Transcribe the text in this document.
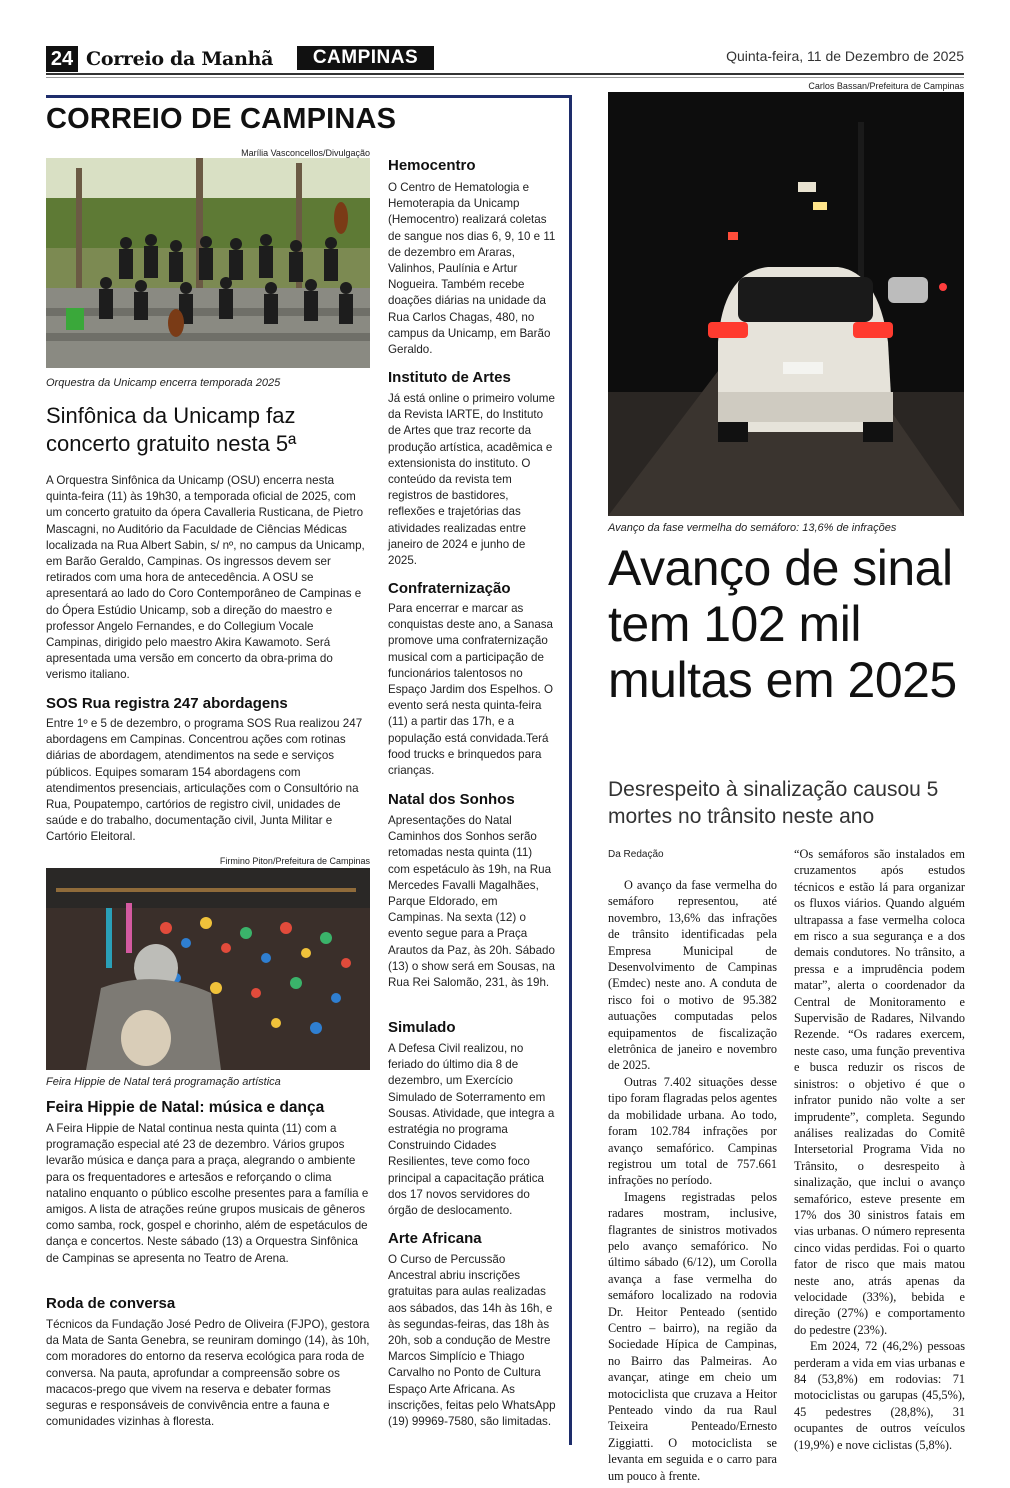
24 Correio da Manhã	CAMPINAS	Quinta-feira, 11 de Dezembro de 2025
CORREIO DE CAMPINAS
Marília Vasconcellos/Divulgação
Orquestra da Unicamp encerra temporada 2025
Sinfônica da Unicamp faz concerto gratuito nesta 5ª

A Orquestra Sinfônica da Unicamp (OSU) encerra nesta quinta-feira (11) às 19h30, a temporada oficial de 2025, com um concerto gratuito da ópera Cavalleria Rusticana, de Pietro Mascagni, no Auditório da Faculdade de Ciências Médicas localizada na Rua Albert Sabin, s/ nº, no campus da Unicamp, em Barão Geraldo, Campinas. Os ingressos devem ser retirados com uma hora de antecedência. A OSU se apresentará ao lado do Coro Contemporâneo de Campinas e do Ópera Estúdio Unicamp, sob a direção do maestro e professor Angelo Fernandes, e do Collegium Vocale Campinas, dirigido pelo maestro Akira Kawamoto. Será apresentada uma versão em concerto da obra-prima do verismo italiano.

SOS Rua registra 247 abordagens

Entre 1º e 5 de dezembro, o programa SOS Rua realizou 247 abordagens em Campinas. Concentrou ações com rotinas diárias de abordagem, atendimentos na sede e serviços públicos. Equipes somaram 154 abordagens com atendimentos presenciais, articulações com o Consultório na Rua, Poupatempo, cartórios de registro civil, unidades de saúde e do trabalho, documentação civil, Junta Militar e Cartório Eleitoral.

Firmino Piton/Prefeitura de Campinas
Feira Hippie de Natal terá programação artística
Feira Hippie de Natal: música e dança

A Feira Hippie de Natal continua nesta quinta (11) com a programação especial até 23 de dezembro. Vários grupos levarão música e dança para a praça, alegrando o ambiente para os frequentadores e artesãos e reforçando o clima natalino enquanto o público escolhe presentes para a família e amigos. A lista de atrações reúne grupos musicais de gêneros como samba, rock, gospel e chorinho, além de espetáculos de dança e concertos. Neste sábado (13) a Orquestra Sinfônica de Campinas se apresenta no Teatro de Arena.

Roda de conversa

Técnicos da Fundação José Pedro de Oliveira (FJPO), gestora da Mata de Santa Genebra, se reuniram domingo (14), às 10h, com moradores do entorno da reserva ecológica para roda de conversa. Na pauta, aprofundar a compreensão sobre os macacos-prego que vivem na reserva e debater formas seguras e responsáveis de convivência entre a fauna e comunidades vizinhas à floresta.

Hemocentro

O Centro de Hematologia e Hemoterapia da Unicamp (Hemocentro) realizará coletas de sangue nos dias 6, 9, 10 e 11 de dezembro em Araras, Valinhos, Paulínia e Artur Nogueira. Também recebe doações diárias na unidade da Rua Carlos Chagas, 480, no campus da Unicamp, em Barão Geraldo.

Instituto de Artes

Já está online o primeiro volume da Revista IARTE, do Instituto de Artes que traz recorte da produção artística, acadêmica e extensionista do instituto. O conteúdo da revista tem registros de bastidores, reflexões e trajetórias das atividades realizadas entre janeiro de 2024 e junho de 2025.

Confraternização

Para encerrar e marcar as conquistas deste ano, a Sanasa promove uma confraternização musical com a participação de funcionários talentosos no Espaço Jardim dos Espelhos. O evento será nesta quinta-feira (11) a partir das 17h, e a população está convidada.Terá food trucks e brinquedos para crianças.

Natal dos Sonhos

Apresentações do Natal Caminhos dos Sonhos serão retomadas nesta quinta (11) com espetáculo às 19h, na Rua Mercedes Favalli Magalhães, Parque Eldorado, em Campinas. Na sexta (12) o evento segue para a Praça Arautos da Paz, às 20h. Sábado (13) o show será em Sousas, na Rua Rei Salomão, 231, às 19h.

Simulado

A Defesa Civil realizou, no feriado do último dia 8 de dezembro, um Exercício Simulado de Soterramento em Sousas. Atividade, que integra a estratégia no programa Construindo Cidades Resilientes, teve como foco principal a capacitação prática dos 17 novos servidores do órgão de deslocamento.

Arte Africana

O Curso de Percussão Ancestral abriu inscrições gratuitas para aulas realizadas aos sábados, das 14h às 16h, e às segundas-feiras, das 18h às 20h, sob a condução de Mestre Marcos Simplício e Thiago Carvalho no Ponto de Cultura Espaço Arte Africana. As inscrições, feitas pelo WhatsApp (19) 99969-7580, são limitadas.

Carlos Bassan/Prefeitura de Campinas
Avanço da fase vermelha do semáforo: 13,6% de infrações
Avanço de sinal tem 102 mil multas em 2025
Desrespeito à sinalização causou 5 mortes no trânsito neste ano
Da Redação

O avanço da fase vermelha do semáforo representou, até novembro, 13,6% das infrações de trânsito identificadas pela Empresa Municipal de Desenvolvimento de Campinas (Emdec) neste ano. A conduta de risco foi o motivo de 95.382 autuações computadas pelos equipamentos de fiscalização eletrônica de janeiro e novembro de 2025.

Outras 7.402 situações desse tipo foram flagradas pelos agentes da mobilidade urbana. Ao todo, foram 102.784 infrações por avanço semafórico. Campinas registrou um total de 757.661 infrações no período.

Imagens registradas pelos radares mostram, inclusive, flagrantes de sinistros motivados pelo avanço semafórico. No último sábado (6/12), um Corolla avança a fase vermelha do semáforo localizado na rodovia Dr. Heitor Penteado (sentido Centro – bairro), na região da Sociedade Hípica de Campinas, no Bairro das Palmeiras. Ao avançar, atinge em cheio um motociclista que cruzava a Heitor Penteado vindo da rua Raul Teixeira Penteado/Ernesto Ziggiatti. O motociclista se levanta em seguida e o carro para um pouco à frente.

“Os semáforos são instalados em cruzamentos após estudos técnicos e estão lá para organizar os fluxos viários. Quando alguém ultrapassa a fase vermelha coloca em risco a sua segurança e a dos demais condutores. No trânsito, a pressa e a imprudência podem matar”, alerta o coordenador da Central de Monitoramento e Supervisão de Radares, Nilvando Rezende. “Os radares exercem, neste caso, uma função preventiva e busca reduzir os riscos de sinistros: o objetivo é que o infrator punido não volte a ser imprudente”, completa. Segundo análises realizadas do Comitê Intersetorial Programa Vida no Trânsito, o desrespeito à sinalização, que inclui o avanço semafórico, esteve presente em 17% dos 30 sinistros fatais em vias urbanas. O número representa cinco vidas perdidas. Foi o quarto fator de risco que mais matou neste ano, atrás apenas da velocidade (33%), bebida e direção (27%) e comportamento do pedestre (23%).

Em 2024, 72 (46,2%) pessoas perderam a vida em vias urbanas e 84 (53,8%) em rodovias: 71 motociclistas ou garupas (45,5%), 45 pedestres (28,8%), 31 ocupantes de outros veículos (19,9%) e nove ciclistas (5,8%).
